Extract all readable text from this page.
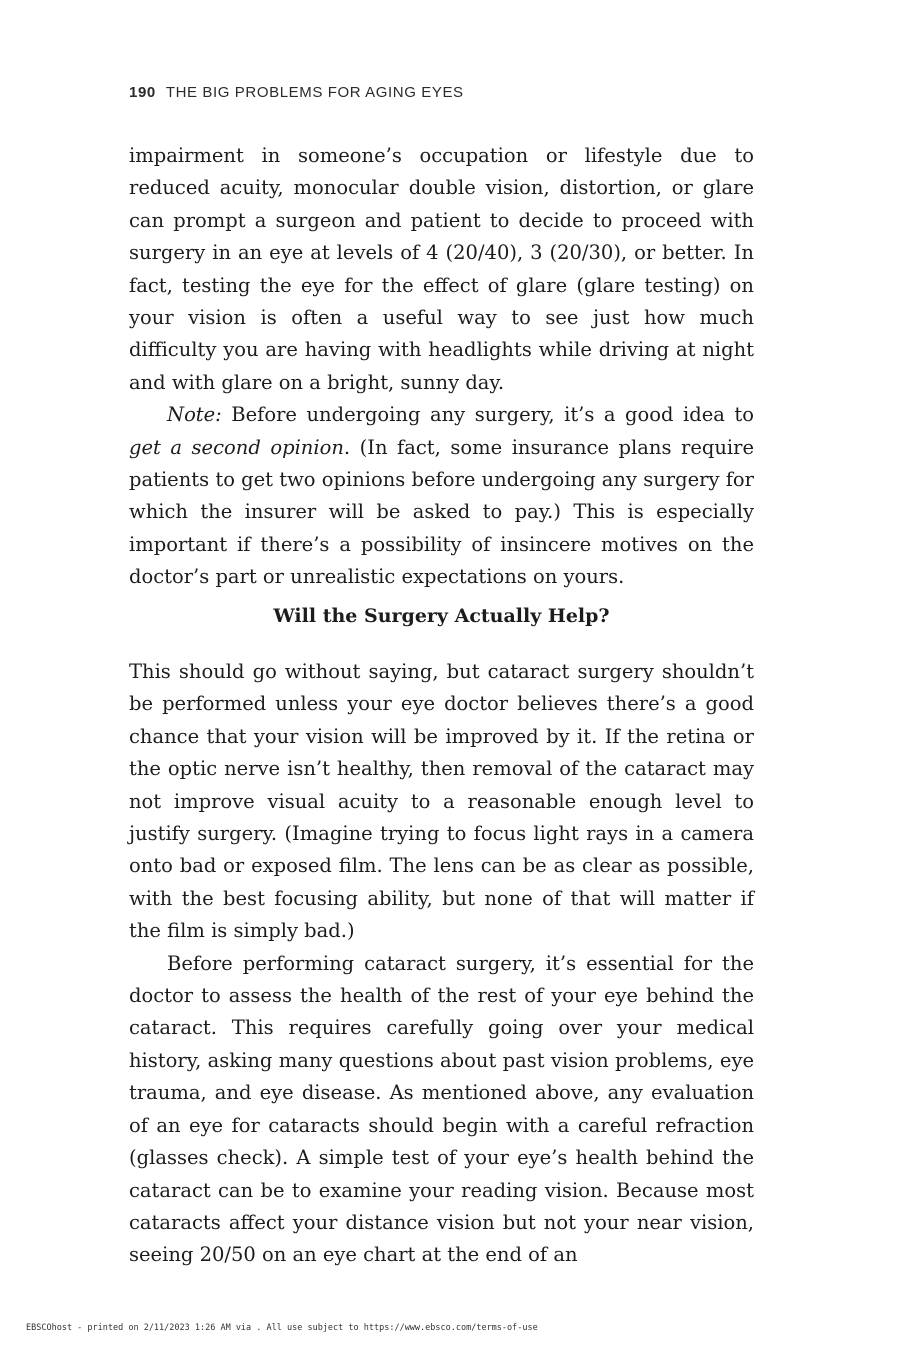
190 THE BIG PROBLEMS FOR AGING EYES

impairment in someone’s occupation or lifestyle due to reduced acuity, monocular double vision, distortion, or glare can prompt a surgeon and patient to decide to proceed with surgery in an eye at levels of 4 (20/40), 3 (20/30), or better. In fact, testing the eye for the effect of glare (glare testing) on your vision is often a useful way to see just how much difficulty you are having with headlights while driving at night and with glare on a bright, sunny day.

Note: Before undergoing any surgery, it’s a good idea to get a second opinion. (In fact, some insurance plans require patients to get two opinions before undergoing any surgery for which the insurer will be asked to pay.) This is especially important if there’s a possibility of insincere motives on the doctor’s part or unrealistic expectations on yours.

Will the Surgery Actually Help?

This should go without saying, but cataract surgery shouldn’t be performed unless your eye doctor believes there’s a good chance that your vision will be improved by it. If the retina or the optic nerve isn’t healthy, then removal of the cataract may not improve visual acuity to a reasonable enough level to justify surgery. (Imagine trying to focus light rays in a camera onto bad or exposed film. The lens can be as clear as possible, with the best focusing ability, but none of that will matter if the film is simply bad.)

Before performing cataract surgery, it’s essential for the doctor to assess the health of the rest of your eye behind the cataract. This requires carefully going over your medical history, asking many questions about past vision problems, eye trauma, and eye disease. As mentioned above, any evaluation of an eye for cataracts should begin with a careful refraction (glasses check). A simple test of your eye’s health behind the cataract can be to examine your reading vision. Because most cataracts affect your distance vision but not your near vision, seeing 20/50 on an eye chart at the end of an

EBSCOhost - printed on 2/11/2023 1:26 AM via . All use subject to https://www.ebsco.com/terms-of-use
